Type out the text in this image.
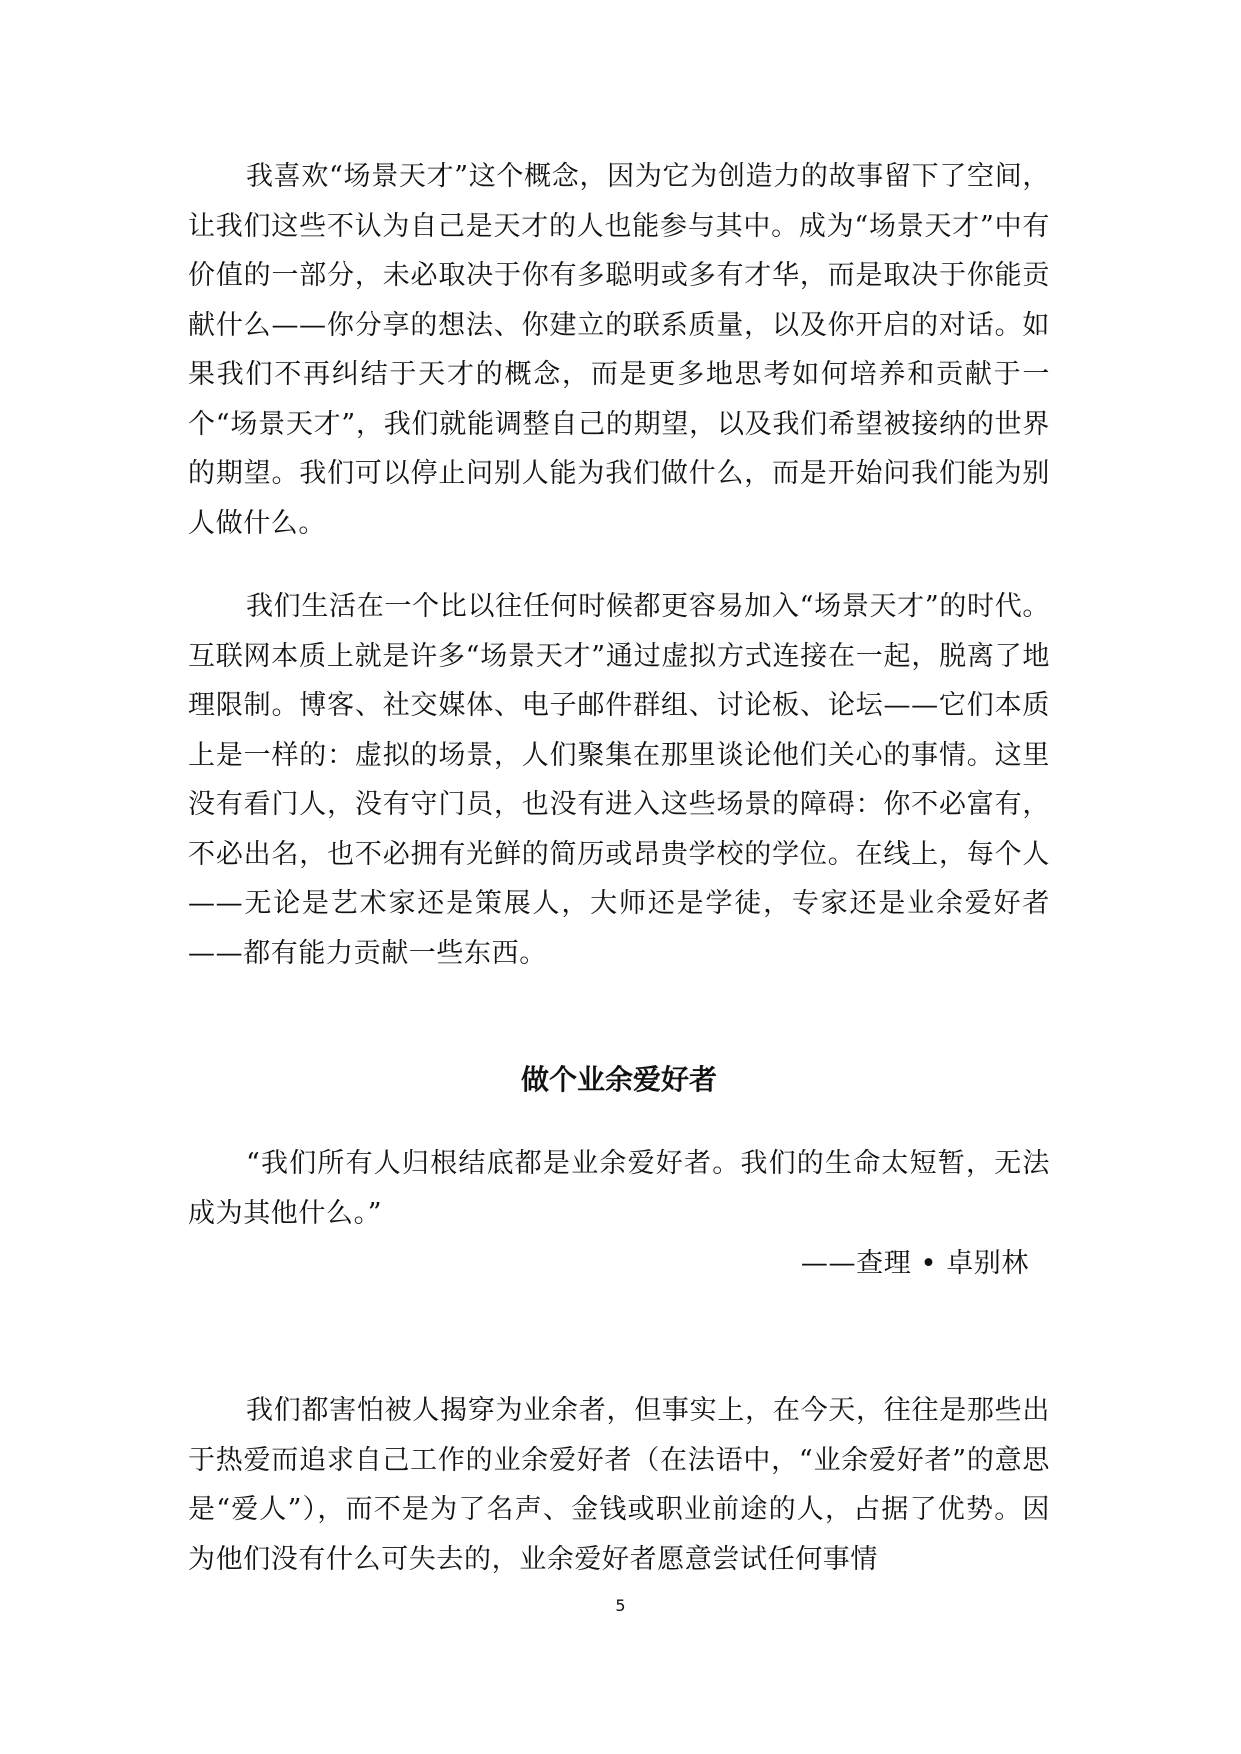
我喜欢“场景天才”这个概念，因为它为创造力的故事留下了空间，让我们这些不认为自己是天才的人也能参与其中。成为“场景天才”中有价值的一部分，未必取决于你有多聪明或多有才华，而是取决于你能贡献什么——你分享的想法、你建立的联系质量，以及你开启的对话。如果我们不再纠结于天才的概念，而是更多地思考如何培养和贡献于一个“场景天才”，我们就能调整自己的期望，以及我们希望被接纳的世界的期望。我们可以停止问别人能为我们做什么，而是开始问我们能为别人做什么。

我们生活在一个比以往任何时候都更容易加入“场景天才”的时代。互联网本质上就是许多“场景天才”通过虚拟方式连接在一起，脱离了地理限制。博客、社交媒体、电子邮件群组、讨论板、论坛——它们本质上是一样的：虚拟的场景，人们聚集在那里谈论他们关心的事情。这里没有看门人，没有守门员，也没有进入这些场景的障碍：你不必富有，不必出名，也不必拥有光鲜的简历或昂贵学校的学位。在线上，每个人——无论是艺术家还是策展人，大师还是学徒，专家还是业余爱好者——都有能力贡献一些东西。

做个业余爱好者

“我们所有人归根结底都是业余爱好者。我们的生命太短暂，无法成为其他什么。”

——查理 • 卓别林

我们都害怕被人揭穿为业余者，但事实上，在今天，往往是那些出于热爱而追求自己工作的业余爱好者（在法语中，“业余爱好者”的意思是“爱人”），而不是为了名声、金钱或职业前途的人，占据了优势。因为他们没有什么可失去的，业余爱好者愿意尝试任何事情

5
